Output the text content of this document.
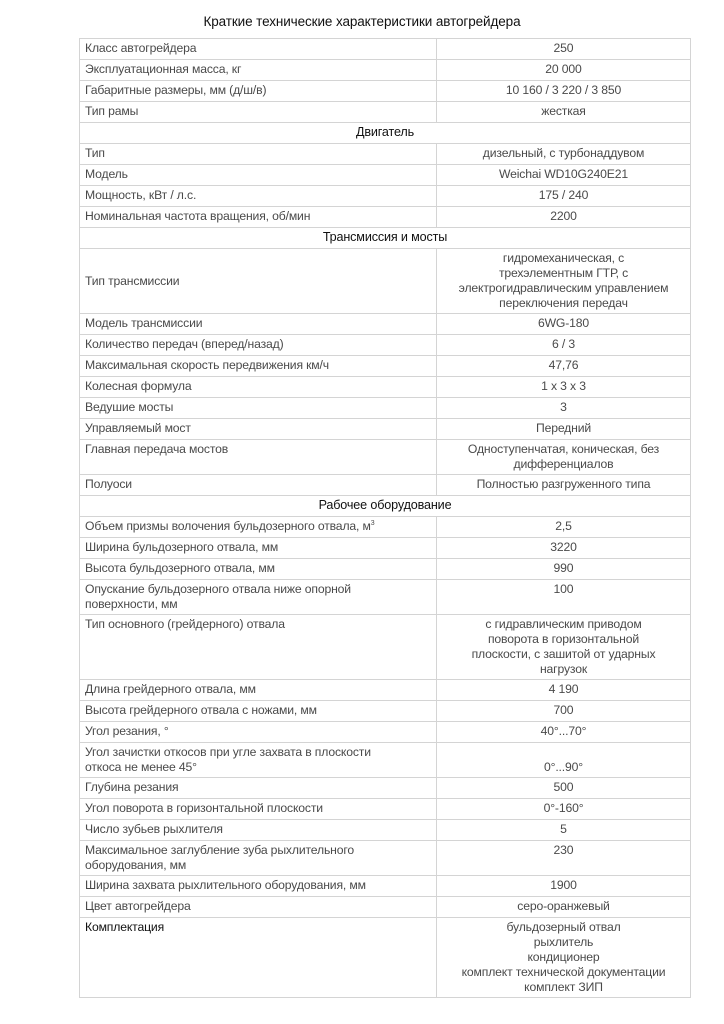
Краткие технические характеристики автогрейдера
Класс автогрейдера	250
Эксплуатационная масса, кг	20 000
Габаритные размеры, мм (д/ш/в)	10 160 / 3 220 / 3 850
Тип рамы	жесткая
Двигатель	
Тип	дизельный, с турбонаддувом
Модель	Weichai WD10G240E21
Мощность, кВт / л.с.	175 / 240
Номинальная частота вращения, об/мин	2200
Трансмиссия и мосты	
Тип трансмиссии	гидромеханическая, с
трехэлементным ГТР, с
электрогидравлическим управлением
переключения передач

Модель трансмиссии	6WG-180
Количество передач (вперед/назад)	6 / 3
Максимальная скорость передвижения км/ч	47,76
Колесная формула	1 x 3 x 3
Ведушие мосты	3
Управляемый мост	Передний
Главная передача мостов	Одноступенчатая, коническая, без
дифференциалов

Полуоси	Полностью разгруженного типа
Рабочее оборудование	
Объем призмы волочения бульдозерного отвала, $м^3$	2,5
Ширина бульдозерного отвала, мм	3220
Высота бульдозерного отвала, мм	990

Опускание бульдозерного отвала ниже опорной
поверхности, мм	100
Тип основного (грейдерного) отвала	с гидравлическим приводом
поворота в горизонтальной
плоскости, с зашитой от ударных
нагрузок

Длина грейдерного отвала, мм	4 190
Высота грейдерного отвала с ножами, мм	700
Угол резания, °	40°...70°

Угол зачистки откосов при угле захвата в плоскости
откоса не менее 45°	0°...90°
Глубина резания	500
Угол поворота в горизонтальной плоскости	0°-160°
Число зубьев рыхлителя	5

Максимальное заглубление зуба рыхлительного
оборудования, мм	230
Ширина захвата рыхлительного оборудования, мм	1900
Цвет автогрейдера	серо-оранжевый
Комплектация	бульдозерный отвал
рыхлитель
кондиционер
комплект технической документации
комплект ЗИП
